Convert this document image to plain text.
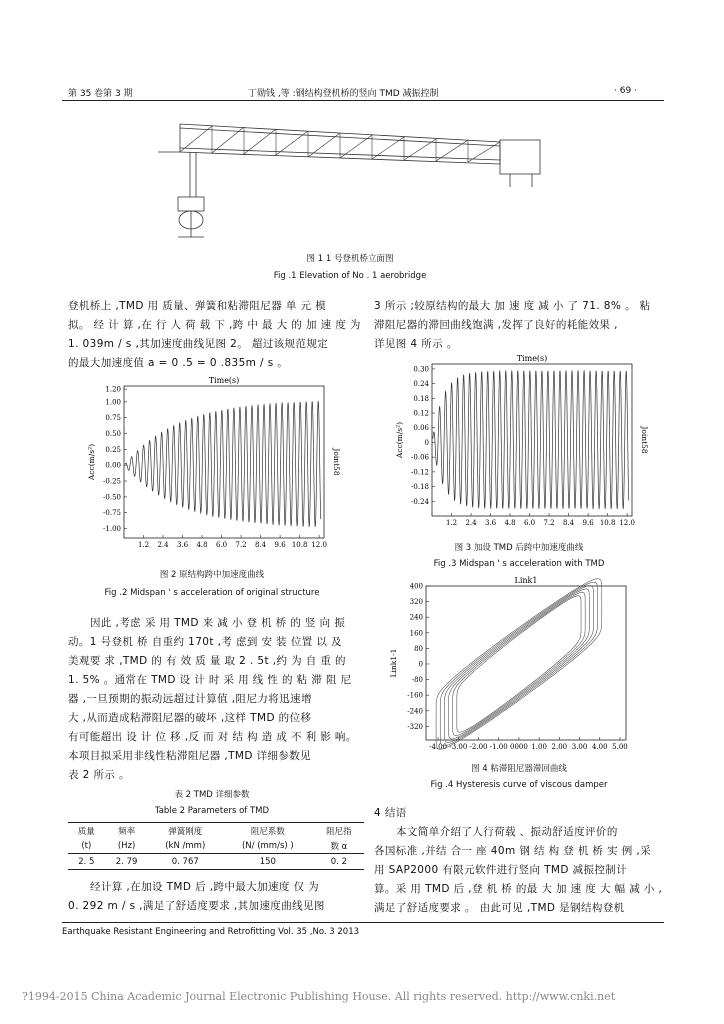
第 35 卷第 3 期	丁勋钱 ,等 :钢结构登机桥的竖向 TMD 减振控制	· 69 ·
图 1 1 号登机桥立面图
Fig .1 Elevation of No . 1 aerobridge

登机桥上 ,TMD 用 质量、弹簧和粘滞阻尼器 单 元 模

拟。 经 计 算 ,在 行 人 荷 载 下 ,跨 中 最 大 的 加 速 度 为

1. 039m / s ,其加速度曲线见图 2。 超过该规范规定

的最大加速度值 a = 0 .5 = 0 .835m / s 。

Time(s)
1.20
1.00
0.75
0.50
0.25
0.00
-0.25
-0.50
-0.75
-1.00
1.2 2.4 3.6 4.8 6.0 7.2 8.4 9.6 10.8 12.0
Acc(m/s²)	Joint58
图 2 原结构跨中加速度曲线
Fig .2 Midspan ' s acceleration of original structure

因此 ,考虑 采 用 TMD 来 减 小 登 机 桥 的 竖 向 振

动。1 号登机 桥 自重约 170t ,考 虑到 安 装 位置 以 及

美观要 求 ,TMD 的 有 效 质 量 取 2 . 5t ,约 为 自 重 的

1. 5% 。通常在 TMD 设 计 时 采 用 线 性 的 粘 滞 阻 尼

器 ,一旦预期的振动远超过计算值 ,阻尼力将迅速增

大 ,从而造成粘滞阻尼器的破坏 ,这样 TMD 的位移

有可能超出 设 计 位 移 ,反 而 对 结 构 造 成 不 利 影 响。

本项目拟采用非线性粘滞阻尼器 ,TMD 详细参数见

表 2 所示 。

表 2 TMD 详细参数
Table 2 Parameters of TMD
质量	频率	弹簧刚度	阻尼系数	阻尼指
(t)	(Hz)	(kN /mm)	(N/ (mm/s) )	数 α
2. 5	2. 79	0. 767	150	0. 2

经计算 ,在加设 TMD 后 ,跨中最大加速度 仅 为

0. 292 m / s ,满足了舒适度要求 ,其加速度曲线见图

3 所示 ;较原结构的最大 加 速 度 减 小 了 71. 8% 。 粘

滞阻尼器的滞回曲线饱满 ,发挥了良好的耗能效果 ,

详见图 4 所示 。

Time(s)
0.30
0.24
0.18
0.12
0.06
0
-0.06
-0.12
-0.18
-0.24
1.2 2.4 3.6 4.8 6.0 7.2 8.4 9.6 10.8 12.0
Acc(m/s²)	Joint58
图 3 加设 TMD 后跨中加速度曲线
Fig .3 Midspan ' s acceleration with TMD
Link1
400
320
240
160
80
0
-80
-160
-240
-320
-4.00 -3.00 -2.00 -1.00 0000 1.00 2.00 3.00 4.00 5.00
Link1-1
图 4 粘滞阻尼器滞回曲线
Fig .4 Hysteresis curve of viscous damper

4 结语

本文简单介绍了人行荷载 、振动舒适度评价的

各国标准 ,并结 合一 座 40m 钢 结 构 登 机 桥 实 例 ,采

用 SAP2000 有限元软件进行竖向 TMD 减振控制计

算。采 用 TMD 后 ,登 机 桥 的最 大 加 速 度 大 幅 减 小 ,

满足了舒适度要求 。 由此可见 ,TMD 是钢结构登机

Earthquake Resistant Engineering and Retrofitting Vol. 35 ,No. 3 2013
?1994-2015 China Academic Journal Electronic Publishing House. All rights reserved. http://www.cnki.net
